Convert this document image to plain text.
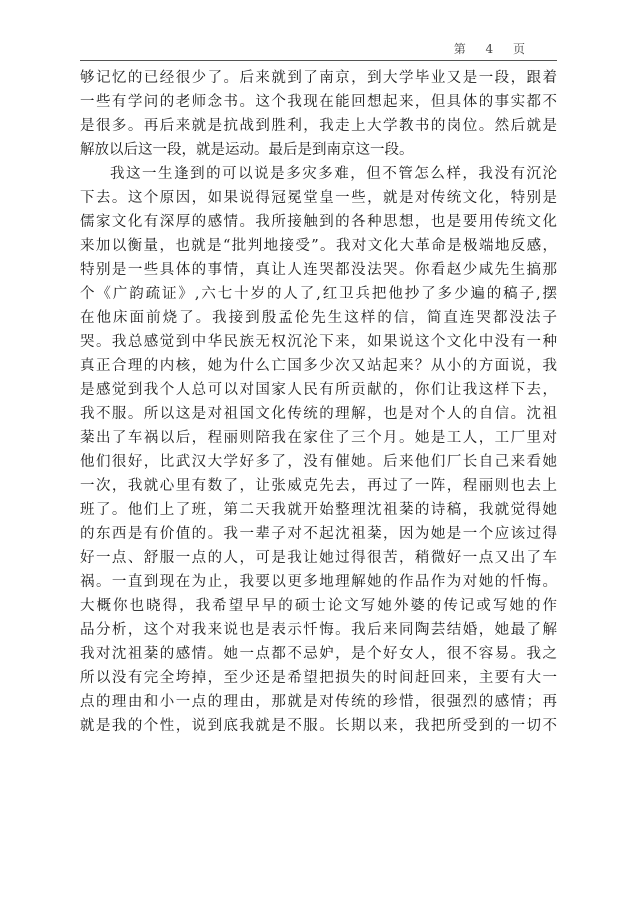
第 4 页
够记忆的已经很少了。后来就到了南京，到大学毕业又是一段，跟着
一些有学问的老师念书。这个我现在能回想起来，但具体的事实都不
是很多。再后来就是抗战到胜利，我走上大学教书的岗位。然后就是
解放以后这一段，就是运动。最后是到南京这一段。
我这一生逢到的可以说是多灾多难，但不管怎么样，我没有沉沦
下去。这个原因，如果说得冠冕堂皇一些，就是对传统文化，特别是
儒家文化有深厚的感情。我所接触到的各种思想，也是要用传统文化
来加以衡量，也就是“批判地接受”。我对文化大革命是极端地反感，
特别是一些具体的事情，真让人连哭都没法哭。你看赵少咸先生搞那
个《广韵疏证》,六七十岁的人了,红卫兵把他抄了多少遍的稿子,摆
在他床面前烧了。我接到殷孟伦先生这样的信，简直连哭都没法子
哭。我总感觉到中华民族无权沉沦下来，如果说这个文化中没有一种
真正合理的内核，她为什么亡国多少次又站起来？从小的方面说，我
是感觉到我个人总可以对国家人民有所贡献的，你们让我这样下去，
我不服。所以这是对祖国文化传统的理解，也是对个人的自信。沈祖
棻出了车祸以后，程丽则陪我在家住了三个月。她是工人，工厂里对
他们很好，比武汉大学好多了，没有催她。后来他们厂长自己来看她
一次，我就心里有数了，让张威克先去，再过了一阵，程丽则也去上
班了。他们上了班，第二天我就开始整理沈祖棻的诗稿，我就觉得她
的东西是有价值的。我一辈子对不起沈祖棻，因为她是一个应该过得
好一点、舒服一点的人，可是我让她过得很苦，稍微好一点又出了车
祸。一直到现在为止，我要以更多地理解她的作品作为对她的忏悔。
大概你也晓得，我希望早早的硕士论文写她外婆的传记或写她的作
品分析，这个对我来说也是表示忏悔。我后来同陶芸结婚，她最了解
我对沈祖棻的感情。她一点都不忌妒，是个好女人，很不容易。我之
所以没有完全垮掉，至少还是希望把损失的时间赶回来，主要有大一
点的理由和小一点的理由，那就是对传统的珍惜，很强烈的感情；再
就是我的个性，说到底我就是不服。长期以来，我把所受到的一切不
